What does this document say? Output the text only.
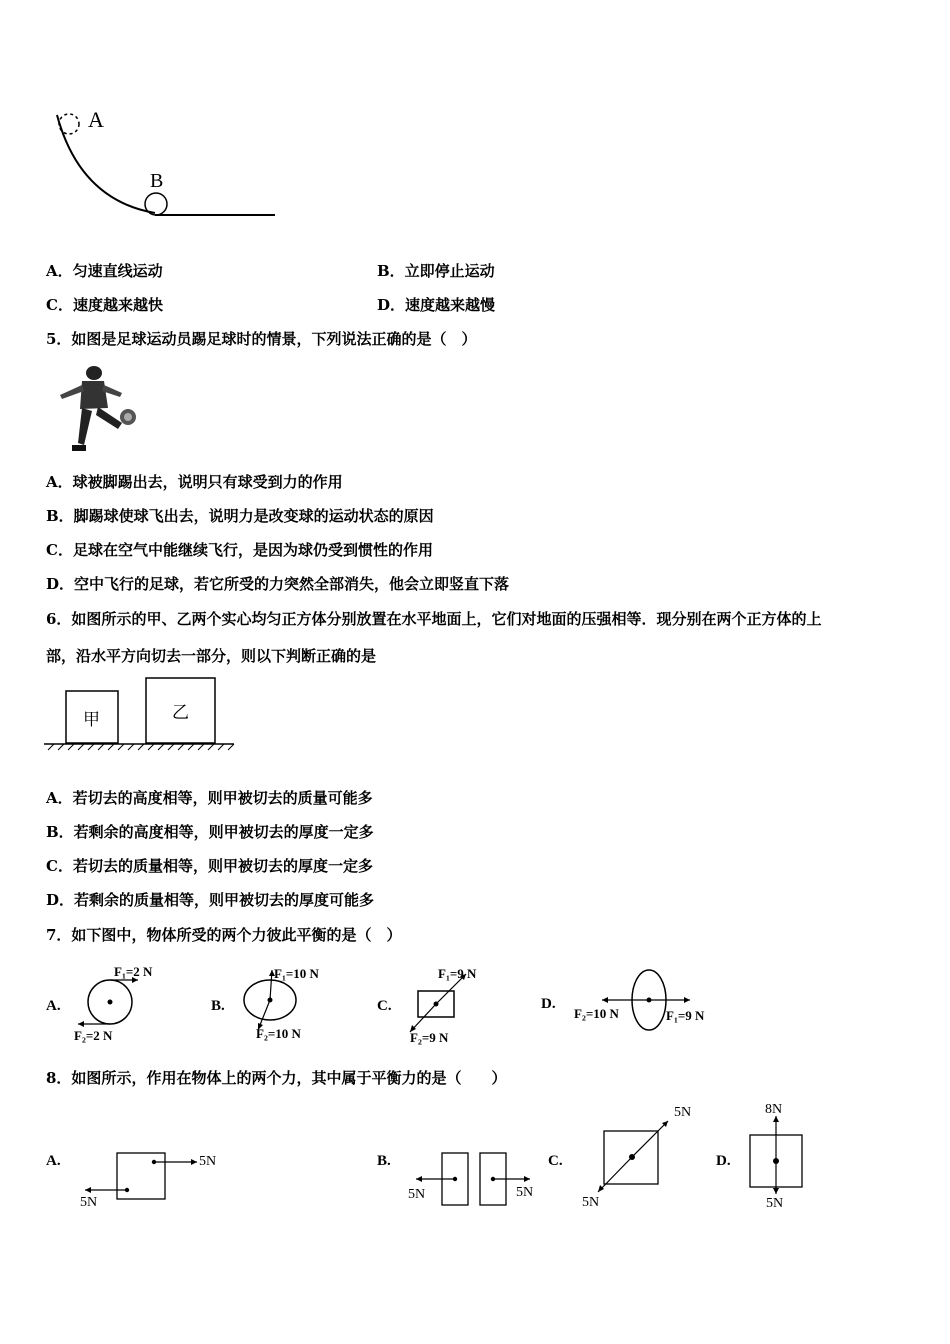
A
B
A．匀速直线运动	B．立即停止运动
C．速度越来越快	D．速度越来越慢
5．如图是足球运动员踢足球时的情景，下列说法正确的是（　）
A．球被脚踢出去，说明只有球受到力的作用
B．脚踢球使球飞出去，说明力是改变球的运动状态的原因
C．足球在空气中能继续飞行，是因为球仍受到惯性的作用
D．空中飞行的足球，若它所受的力突然全部消失，他会立即竖直下落
6．如图所示的甲、乙两个实心均匀正方体分别放置在水平地面上，它们对地面的压强相等．现分别在两个正方体的上
部，沿水平方向切去一部分，则以下判断正确的是
甲	乙
A．若切去的高度相等，则甲被切去的质量可能多
B．若剩余的高度相等，则甲被切去的厚度一定多
C．若切去的质量相等，则甲被切去的厚度一定多
D．若剩余的质量相等，则甲被切去的厚度可能多
7．如下图中，物体所受的两个力彼此平衡的是（　）
A.
F₁=2 N
F₂=2 N
B.
F₁=10 N
F₂=10 N
C.
F₁=9 N
F₂=9 N
D.
F₂=10 N	F₁=9 N
8．如图所示，作用在物体上的两个力，其中属于平衡力的是（　　）
A.	5N
5N
B.
5N	5N
C.
5N
5N
D.
8N
5N
